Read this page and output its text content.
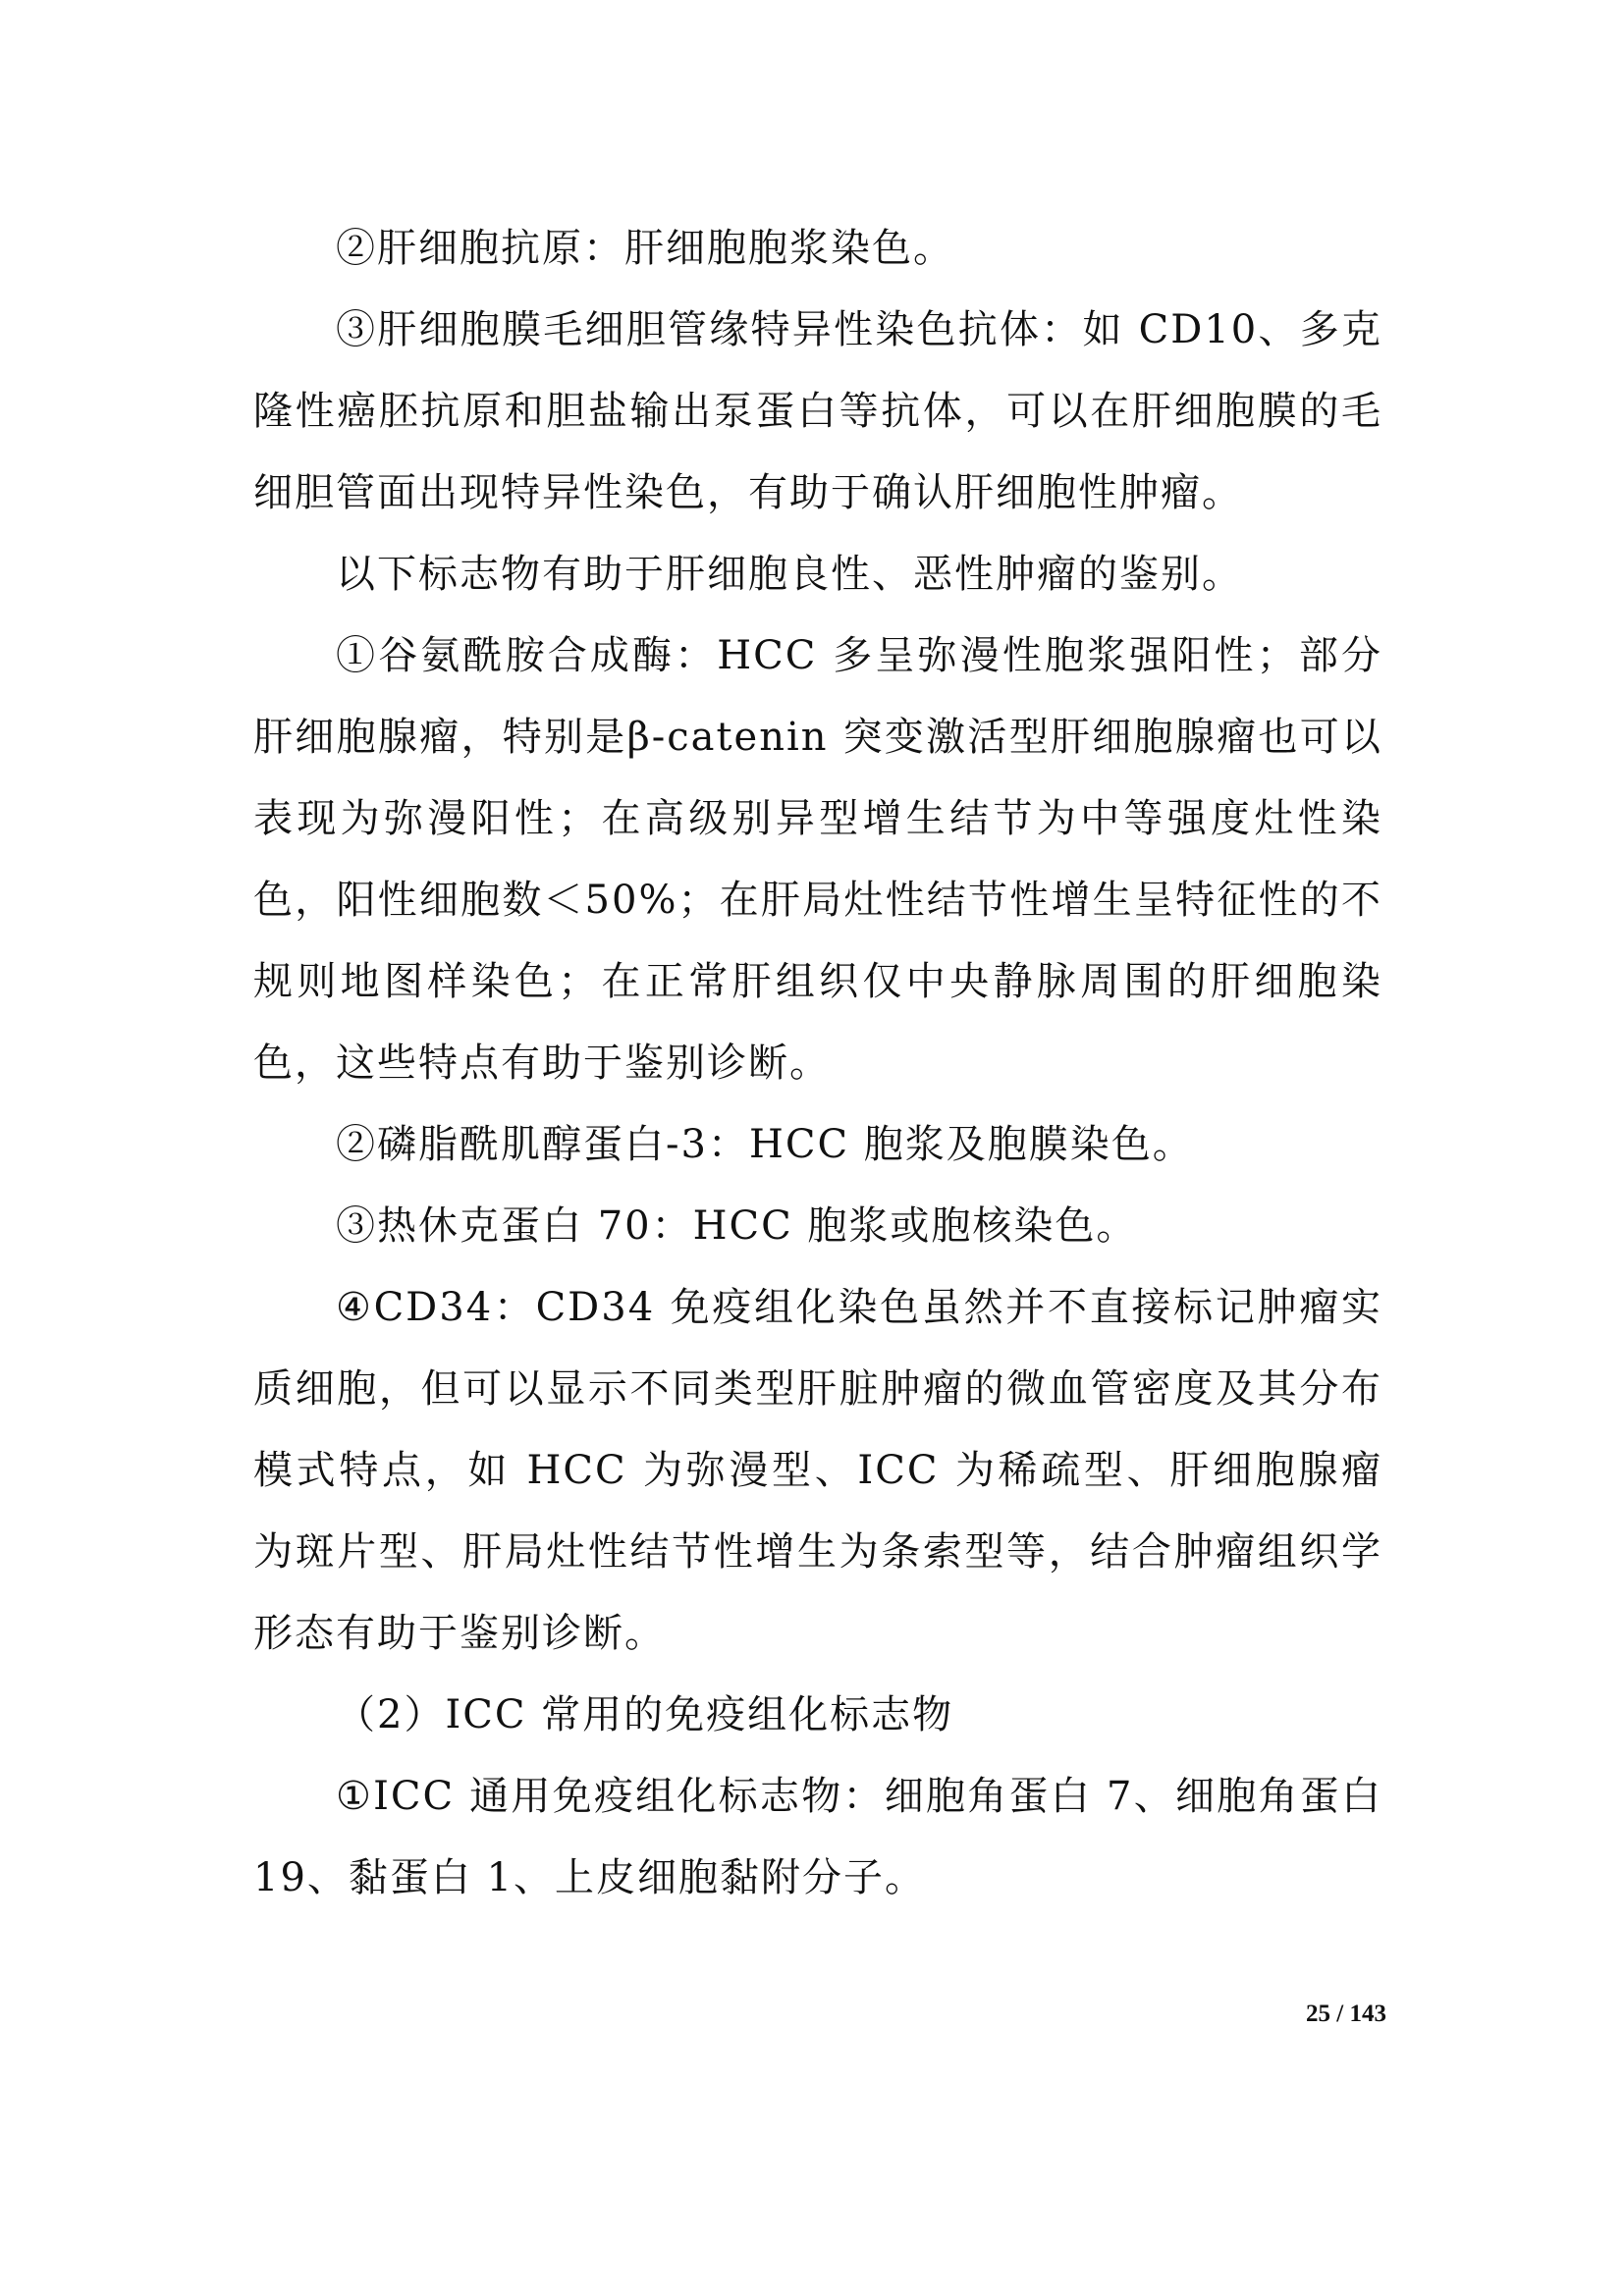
②肝细胞抗原：肝细胞胞浆染色。

③肝细胞膜毛细胆管缘特异性染色抗体：如 CD10、多克隆性癌胚抗原和胆盐输出泵蛋白等抗体，可以在肝细胞膜的毛细胆管面出现特异性染色，有助于确认肝细胞性肿瘤。

以下标志物有助于肝细胞良性、恶性肿瘤的鉴别。

①谷氨酰胺合成酶：HCC 多呈弥漫性胞浆强阳性；部分肝细胞腺瘤，特别是β-catenin 突变激活型肝细胞腺瘤也可以表现为弥漫阳性；在高级别异型增生结节为中等强度灶性染色，阳性细胞数＜50%；在肝局灶性结节性增生呈特征性的不规则地图样染色；在正常肝组织仅中央静脉周围的肝细胞染色，这些特点有助于鉴别诊断。

②磷脂酰肌醇蛋白-3：HCC 胞浆及胞膜染色。

③热休克蛋白 70：HCC 胞浆或胞核染色。

④CD34：CD34 免疫组化染色虽然并不直接标记肿瘤实质细胞，但可以显示不同类型肝脏肿瘤的微血管密度及其分布模式特点，如 HCC 为弥漫型、ICC 为稀疏型、肝细胞腺瘤为斑片型、肝局灶性结节性增生为条索型等，结合肿瘤组织学形态有助于鉴别诊断。

（2）ICC 常用的免疫组化标志物

①ICC 通用免疫组化标志物：细胞角蛋白 7、细胞角蛋白 19、黏蛋白 1、上皮细胞黏附分子。

25 / 143
